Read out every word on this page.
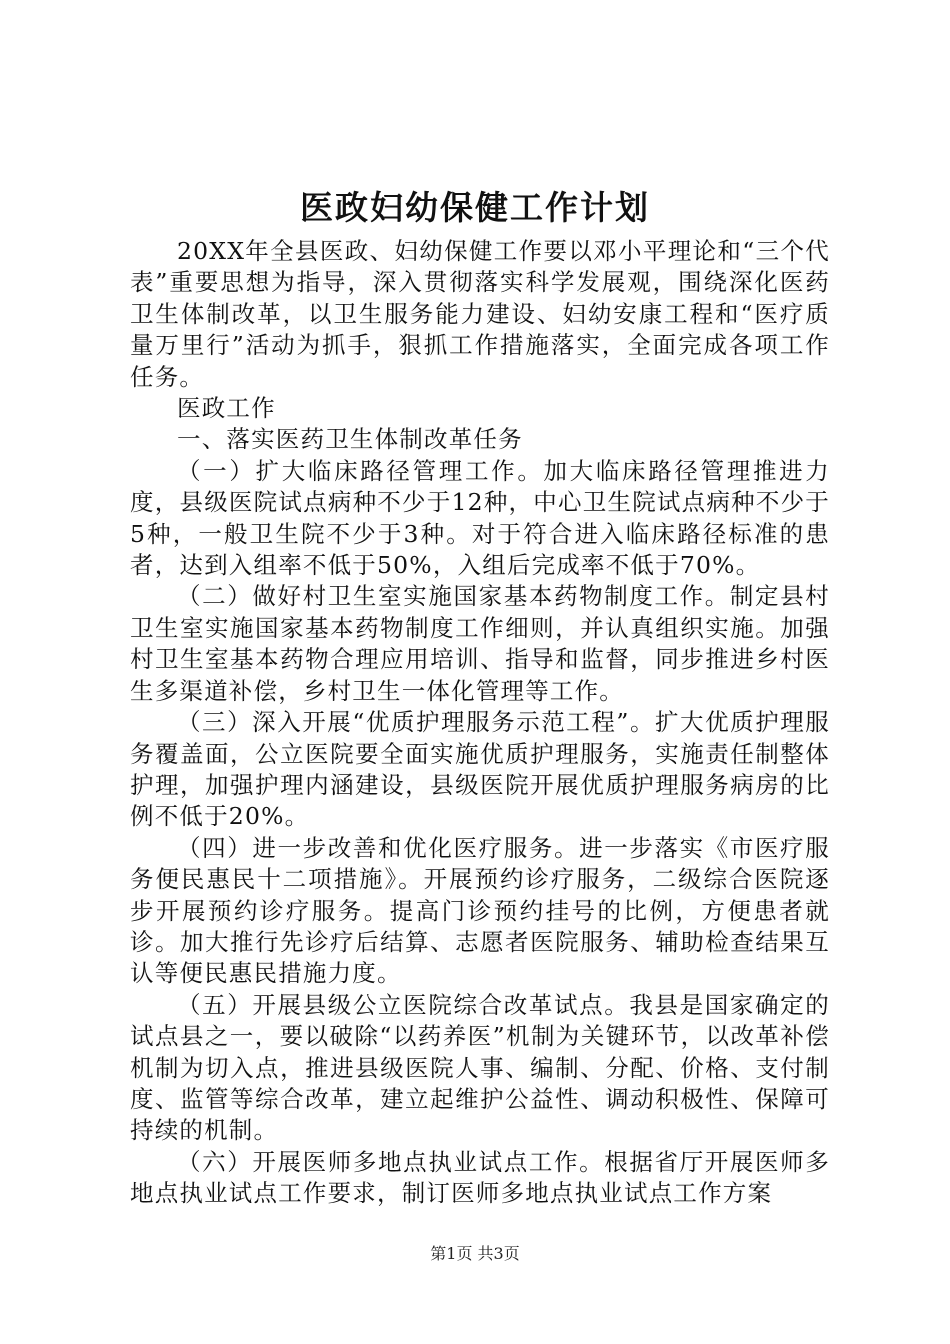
医政妇幼保健工作计划

20XX年全县医政、妇幼保健工作要以邓小平理论和“三个代表”重要思想为指导，深入贯彻落实科学发展观，围绕深化医药卫生体制改革，以卫生服务能力建设、妇幼安康工程和“医疗质量万里行”活动为抓手，狠抓工作措施落实，全面完成各项工作任务。

医政工作

一、落实医药卫生体制改革任务

（一）扩大临床路径管理工作。加大临床路径管理推进力度，县级医院试点病种不少于12种，中心卫生院试点病种不少于5种，一般卫生院不少于3种。对于符合进入临床路径标准的患者，达到入组率不低于50%，入组后完成率不低于70%。

（二）做好村卫生室实施国家基本药物制度工作。制定县村卫生室实施国家基本药物制度工作细则，并认真组织实施。加强村卫生室基本药物合理应用培训、指导和监督，同步推进乡村医生多渠道补偿，乡村卫生一体化管理等工作。

（三）深入开展“优质护理服务示范工程”。扩大优质护理服务覆盖面，公立医院要全面实施优质护理服务，实施责任制整体护理，加强护理内涵建设，县级医院开展优质护理服务病房的比例不低于20%。

（四）进一步改善和优化医疗服务。进一步落实《市医疗服务便民惠民十二项措施》。开展预约诊疗服务，二级综合医院逐步开展预约诊疗服务。提高门诊预约挂号的比例，方便患者就诊。加大推行先诊疗后结算、志愿者医院服务、辅助检查结果互认等便民惠民措施力度。

（五）开展县级公立医院综合改革试点。我县是国家确定的试点县之一，要以破除“以药养医”机制为关键环节，以改革补偿机制为切入点，推进县级医院人事、编制、分配、价格、支付制度、监管等综合改革，建立起维护公益性、调动积极性、保障可持续的机制。

（六）开展医师多地点执业试点工作。根据省厅开展医师多地点执业试点工作要求，制订医师多地点执业试点工作方案

第1页 共3页
